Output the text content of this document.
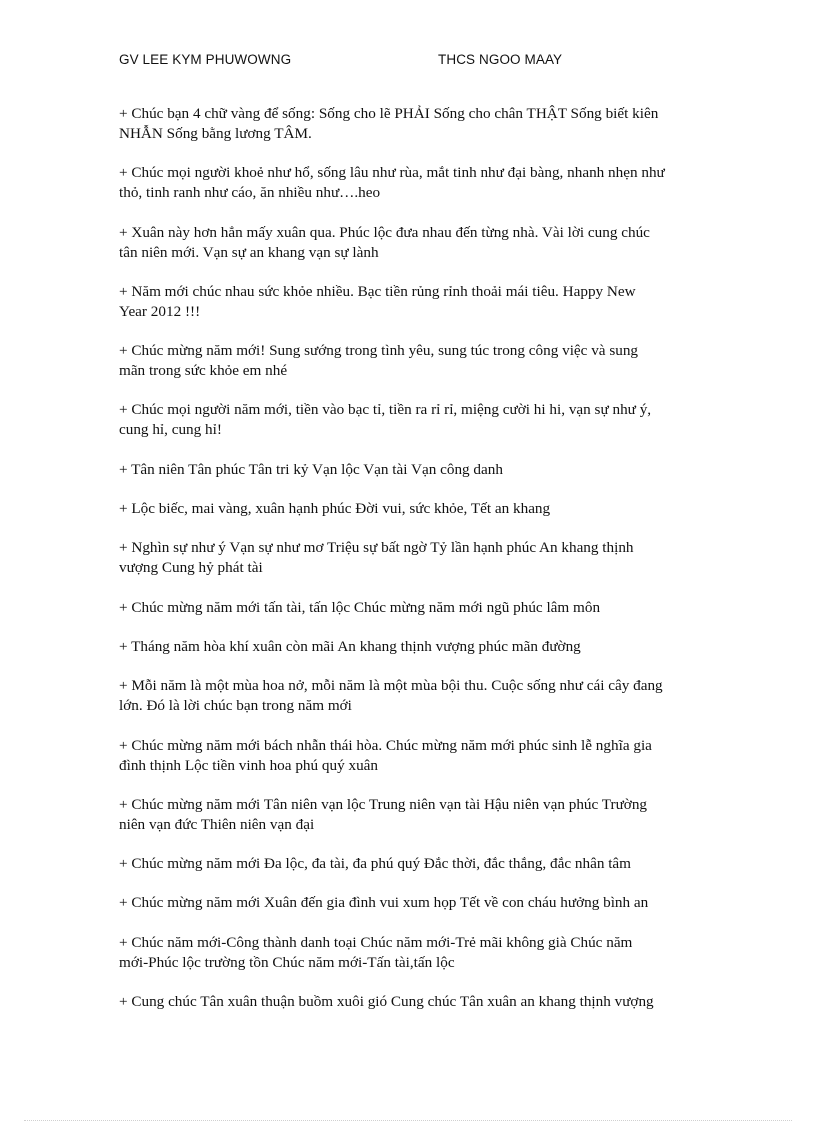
GV LEE KYM PHUWOWNG	THCS NGOO MAAY
+ Chúc bạn 4 chữ vàng để sống: Sống cho lẽ PHẢI Sống cho chân THẬT Sống biết kiên
NHẪN Sống bằng lương TÂM.
+ Chúc mọi người khoẻ như hổ, sống lâu như rùa, mắt tinh như đại bàng, nhanh nhẹn như
thỏ, tinh ranh như cáo, ăn nhiều như….heo
+ Xuân này hơn hẳn mấy xuân qua. Phúc lộc đưa nhau đến từng nhà. Vài lời cung chúc
tân niên mới. Vạn sự an khang vạn sự lành
+ Năm mới chúc nhau sức khỏe nhiều. Bạc tiền rủng rỉnh thoải mái tiêu. Happy New
Year 2012 !!!
+ Chúc mừng năm mới! Sung sướng trong tình yêu, sung túc trong công việc và sung
mãn trong sức khỏe em nhé
+ Chúc mọi người năm mới, tiền vào bạc tỉ, tiền ra rỉ rỉ, miệng cười hi hi, vạn sự như ý,
cung hỉ, cung hỉ!
+ Tân niên Tân phúc Tân tri kỷ Vạn lộc Vạn tài Vạn công danh
+ Lộc biếc, mai vàng, xuân hạnh phúc Đời vui, sức khỏe, Tết an khang
+ Nghìn sự như ý Vạn sự như mơ Triệu sự bất ngờ Tỷ lần hạnh phúc An khang thịnh
vượng Cung hỷ phát tài
+ Chúc mừng năm mới tấn tài, tấn lộc Chúc mừng năm mới ngũ phúc lâm môn
+ Tháng năm hòa khí xuân còn mãi An khang thịnh vượng phúc mãn đường
+ Mỗi năm là một mùa hoa nở, mỗi năm là một mùa bội thu. Cuộc sống như cái cây đang
lớn. Đó là lời chúc bạn trong năm mới
+ Chúc mừng năm mới bách nhẫn thái hòa. Chúc mừng năm mới phúc sinh lễ nghĩa gia
đình thịnh Lộc tiền vinh hoa phú quý xuân
+ Chúc mừng năm mới Tân niên vạn lộc Trung niên vạn tài Hậu niên vạn phúc Trường
niên vạn đức Thiên niên vạn đại
+ Chúc mừng năm mới Đa lộc, đa tài, đa phú quý Đắc thời, đắc thắng, đắc nhân tâm
+ Chúc mừng năm mới Xuân đến gia đình vui xum họp Tết về con cháu hưởng bình an
+ Chúc năm mới-Công thành danh toại Chúc năm mới-Trẻ mãi không già Chúc năm
mới-Phúc lộc trường tồn Chúc năm mới-Tấn tài,tấn lộc
+ Cung chúc Tân xuân thuận buồm xuôi gió Cung chúc Tân xuân an khang thịnh vượng
